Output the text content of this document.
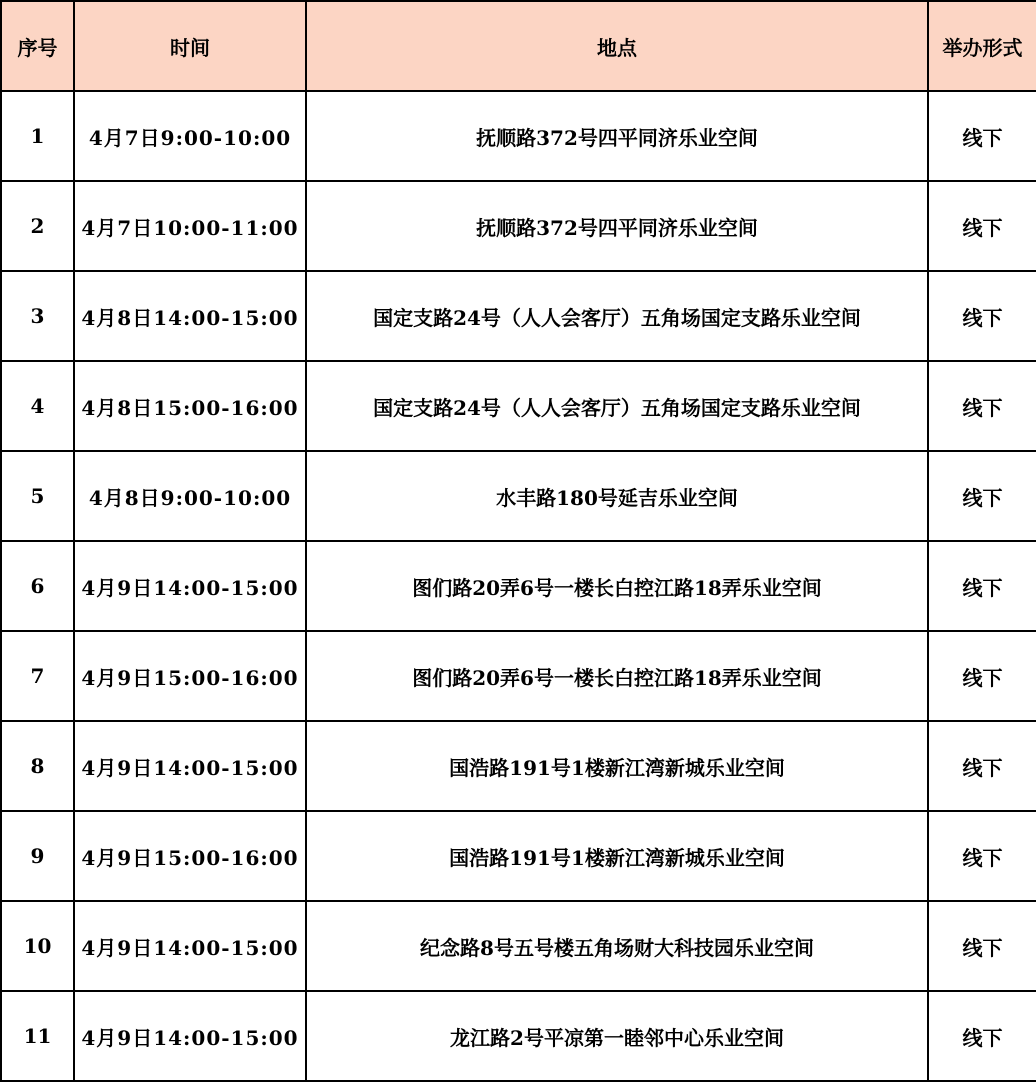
序号	时间	地点	举办形式
1	4月7日9:00-10:00	抚顺路372号四平同济乐业空间	线下
2	4月7日10:00-11:00	抚顺路372号四平同济乐业空间	线下
3	4月8日14:00-15:00	国定支路24号（人人会客厅）五角场国定支路乐业空间	线下
4	4月8日15:00-16:00	国定支路24号（人人会客厅）五角场国定支路乐业空间	线下
5	4月8日9:00-10:00	水丰路180号延吉乐业空间	线下
6	4月9日14:00-15:00	图们路20弄6号一楼长白控江路18弄乐业空间	线下
7	4月9日15:00-16:00	图们路20弄6号一楼长白控江路18弄乐业空间	线下
8	4月9日14:00-15:00	国浩路191号1楼新江湾新城乐业空间	线下
9	4月9日15:00-16:00	国浩路191号1楼新江湾新城乐业空间	线下
10	4月9日14:00-15:00	纪念路8号五号楼五角场财大科技园乐业空间	线下
11	4月9日14:00-15:00	龙江路2号平凉第一睦邻中心乐业空间	线下
